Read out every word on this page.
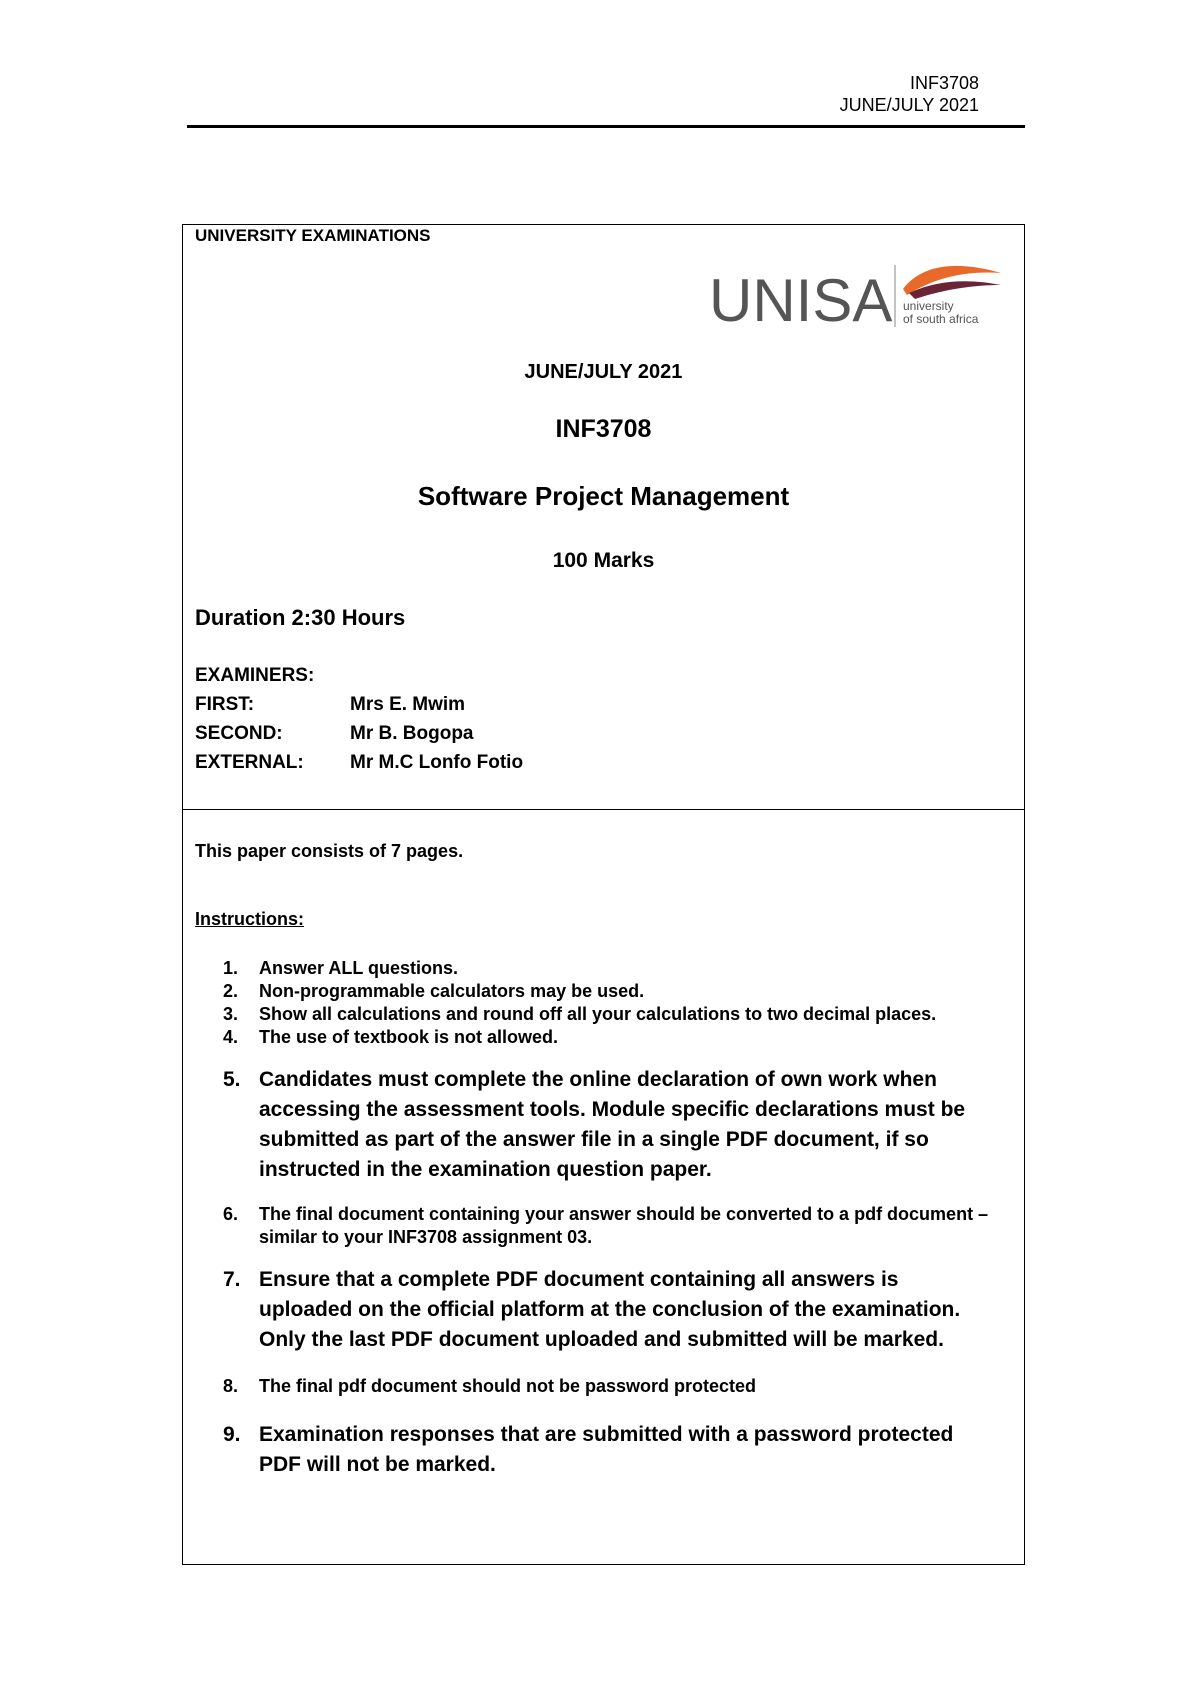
INF3708
JUNE/JULY 2021
UNIVERSITY EXAMINATIONS
UNISA university
of south africa
JUNE/JULY 2021
INF3708
Software Project Management
100 Marks
Duration 2:30 Hours
EXAMINERS:
FIRST:	Mrs E. Mwim
SECOND:	Mr B. Bogopa
EXTERNAL:	Mr M.C Lonfo Fotio
This paper consists of 7 pages.
Instructions:
1.	Answer ALL questions.
2.	Non-programmable calculators may be used.
3.	Show all calculations and round off all your calculations to two decimal places.
4.	The use of textbook is not allowed.
5. Candidates must complete the online declaration of own work when accessing the assessment tools. Module specific declarations must be submitted as part of the answer file in a single PDF document, if so instructed in the examination question paper.
6.	The final document containing your answer should be converted to a pdf document – similar to your INF3708 assignment 03.
7. Ensure that a complete PDF document containing all answers is uploaded on the official platform at the conclusion of the examination. Only the last PDF document uploaded and submitted will be marked.
8.	The final pdf document should not be password protected
9. Examination responses that are submitted with a password protected PDF will not be marked.
